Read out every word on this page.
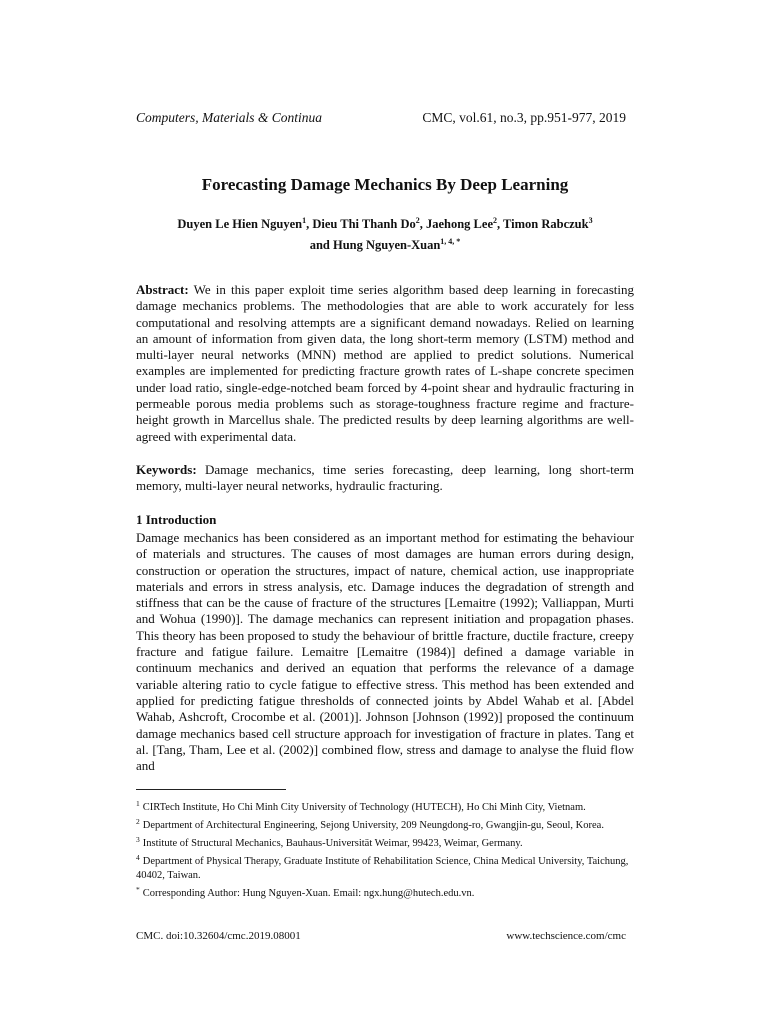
Computers, Materials & Continua	CMC, vol.61, no.3, pp.951-977, 2019
Forecasting Damage Mechanics By Deep Learning
Duyen Le Hien Nguyen$^1$, Dieu Thi Thanh Do$^2$, Jaehong Lee$^2$, Timon Rabczuk$^3$
and Hung Nguyen-Xuan$^{1, 4, *}$
Abstract: We in this paper exploit time series algorithm based deep learning in forecasting damage mechanics problems. The methodologies that are able to work accurately for less computational and resolving attempts are a significant demand nowadays. Relied on learning an amount of information from given data, the long short-term memory (LSTM) method and multi-layer neural networks (MNN) method are applied to predict solutions. Numerical examples are implemented for predicting fracture growth rates of L-shape concrete specimen under load ratio, single-edge-notched beam forced by 4-point shear and hydraulic fracturing in permeable porous media problems such as storage-toughness fracture regime and fracture-height growth in Marcellus shale. The predicted results by deep learning algorithms are well-agreed with experimental data.
Keywords: Damage mechanics, time series forecasting, deep learning, long short-term memory, multi-layer neural networks, hydraulic fracturing.
1 Introduction
Damage mechanics has been considered as an important method for estimating the behaviour of materials and structures. The causes of most damages are human errors during design, construction or operation the structures, impact of nature, chemical action, use inappropriate materials and errors in stress analysis, etc. Damage induces the degradation of strength and stiffness that can be the cause of fracture of the structures [Lemaitre (1992); Valliappan, Murti and Wohua (1990)]. The damage mechanics can represent initiation and propagation phases. This theory has been proposed to study the behaviour of brittle fracture, ductile fracture, creepy fracture and fatigue failure. Lemaitre [Lemaitre (1984)] defined a damage variable in continuum mechanics and derived an equation that performs the relevance of a damage variable altering ratio to cycle fatigue to effective stress. This method has been extended and applied for predicting fatigue thresholds of connected joints by Abdel Wahab et al. [Abdel Wahab, Ashcroft, Crocombe et al. (2001)]. Johnson [Johnson (1992)] proposed the continuum damage mechanics based cell structure approach for investigation of fracture in plates. Tang et al. [Tang, Tham, Lee et al. (2002)] combined flow, stress and damage to analyse the fluid flow and
$^1$ CIRTech Institute, Ho Chi Minh City University of Technology (HUTECH), Ho Chi Minh City, Vietnam.
$^2$ Department of Architectural Engineering, Sejong University, 209 Neungdong-ro, Gwangjin-gu, Seoul, Korea.
$^3$ Institute of Structural Mechanics, Bauhaus-Universität Weimar, 99423, Weimar, Germany.
$^4$ Department of Physical Therapy, Graduate Institute of Rehabilitation Science, China Medical University, Taichung, 40402, Taiwan.
* Corresponding Author: Hung Nguyen-Xuan. Email: ngx.hung@hutech.edu.vn.
CMC. doi:10.32604/cmc.2019.08001	www.techscience.com/cmc
